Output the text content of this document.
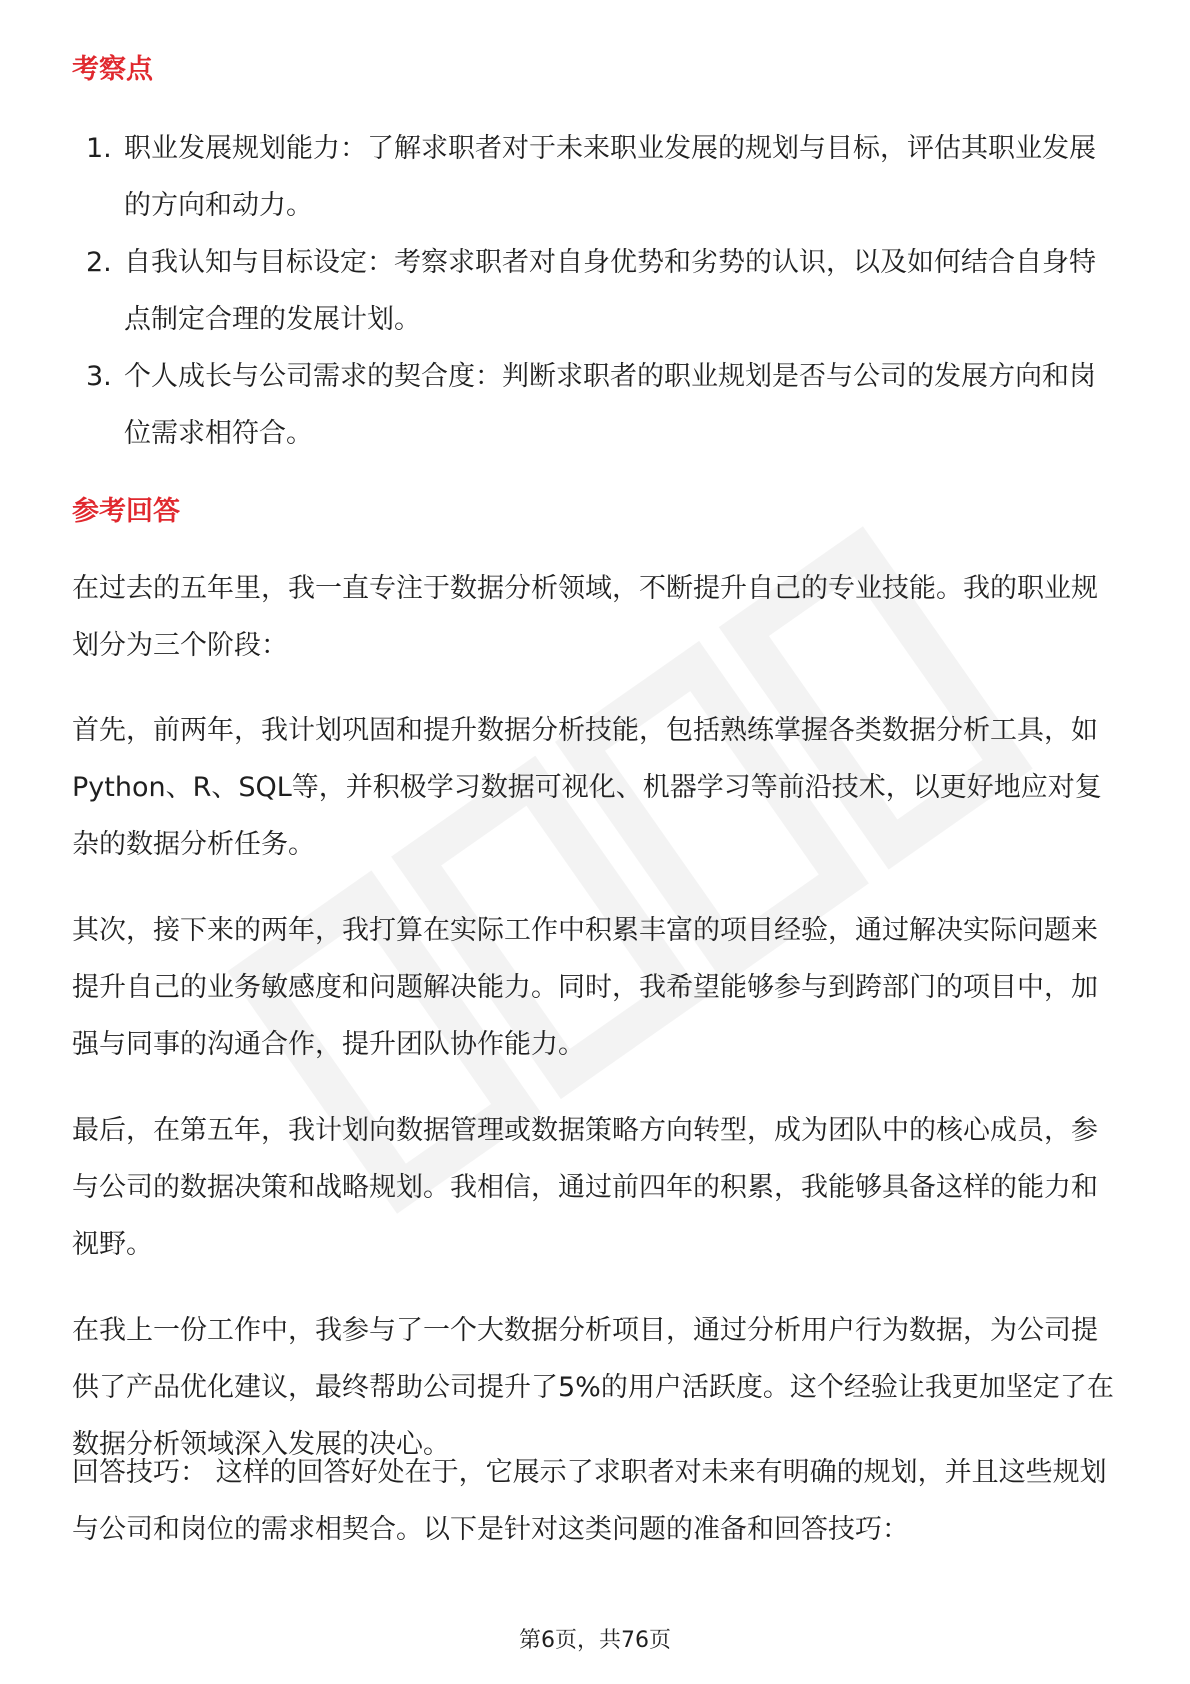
考察点
1. 职业发展规划能力：了解求职者对于未来职业发展的规划与目标，评估其职业发展的方向和动力。
2. 自我认知与目标设定：考察求职者对自身优势和劣势的认识，以及如何结合自身特点制定合理的发展计划。
3. 个人成长与公司需求的契合度：判断求职者的职业规划是否与公司的发展方向和岗位需求相符合。
参考回答

在过去的五年里，我一直专注于数据分析领域，不断提升自己的专业技能。我的职业规划分为三个阶段：

首先，前两年，我计划巩固和提升数据分析技能，包括熟练掌握各类数据分析工具，如Python、R、SQL等，并积极学习数据可视化、机器学习等前沿技术，以更好地应对复杂的数据分析任务。

其次，接下来的两年，我打算在实际工作中积累丰富的项目经验，通过解决实际问题来提升自己的业务敏感度和问题解决能力。同时，我希望能够参与到跨部门的项目中，加强与同事的沟通合作，提升团队协作能力。

最后，在第五年，我计划向数据管理或数据策略方向转型，成为团队中的核心成员，参与公司的数据决策和战略规划。我相信，通过前四年的积累，我能够具备这样的能力和视野。

在我上一份工作中，我参与了一个大数据分析项目，通过分析用户行为数据，为公司提供了产品优化建议，最终帮助公司提升了5%的用户活跃度。这个经验让我更加坚定了在数据分析领域深入发展的决心。

回答技巧： 这样的回答好处在于，它展示了求职者对未来有明确的规划，并且这些规划与公司和岗位的需求相契合。以下是针对这类问题的准备和回答技巧：

第6页，共76页
